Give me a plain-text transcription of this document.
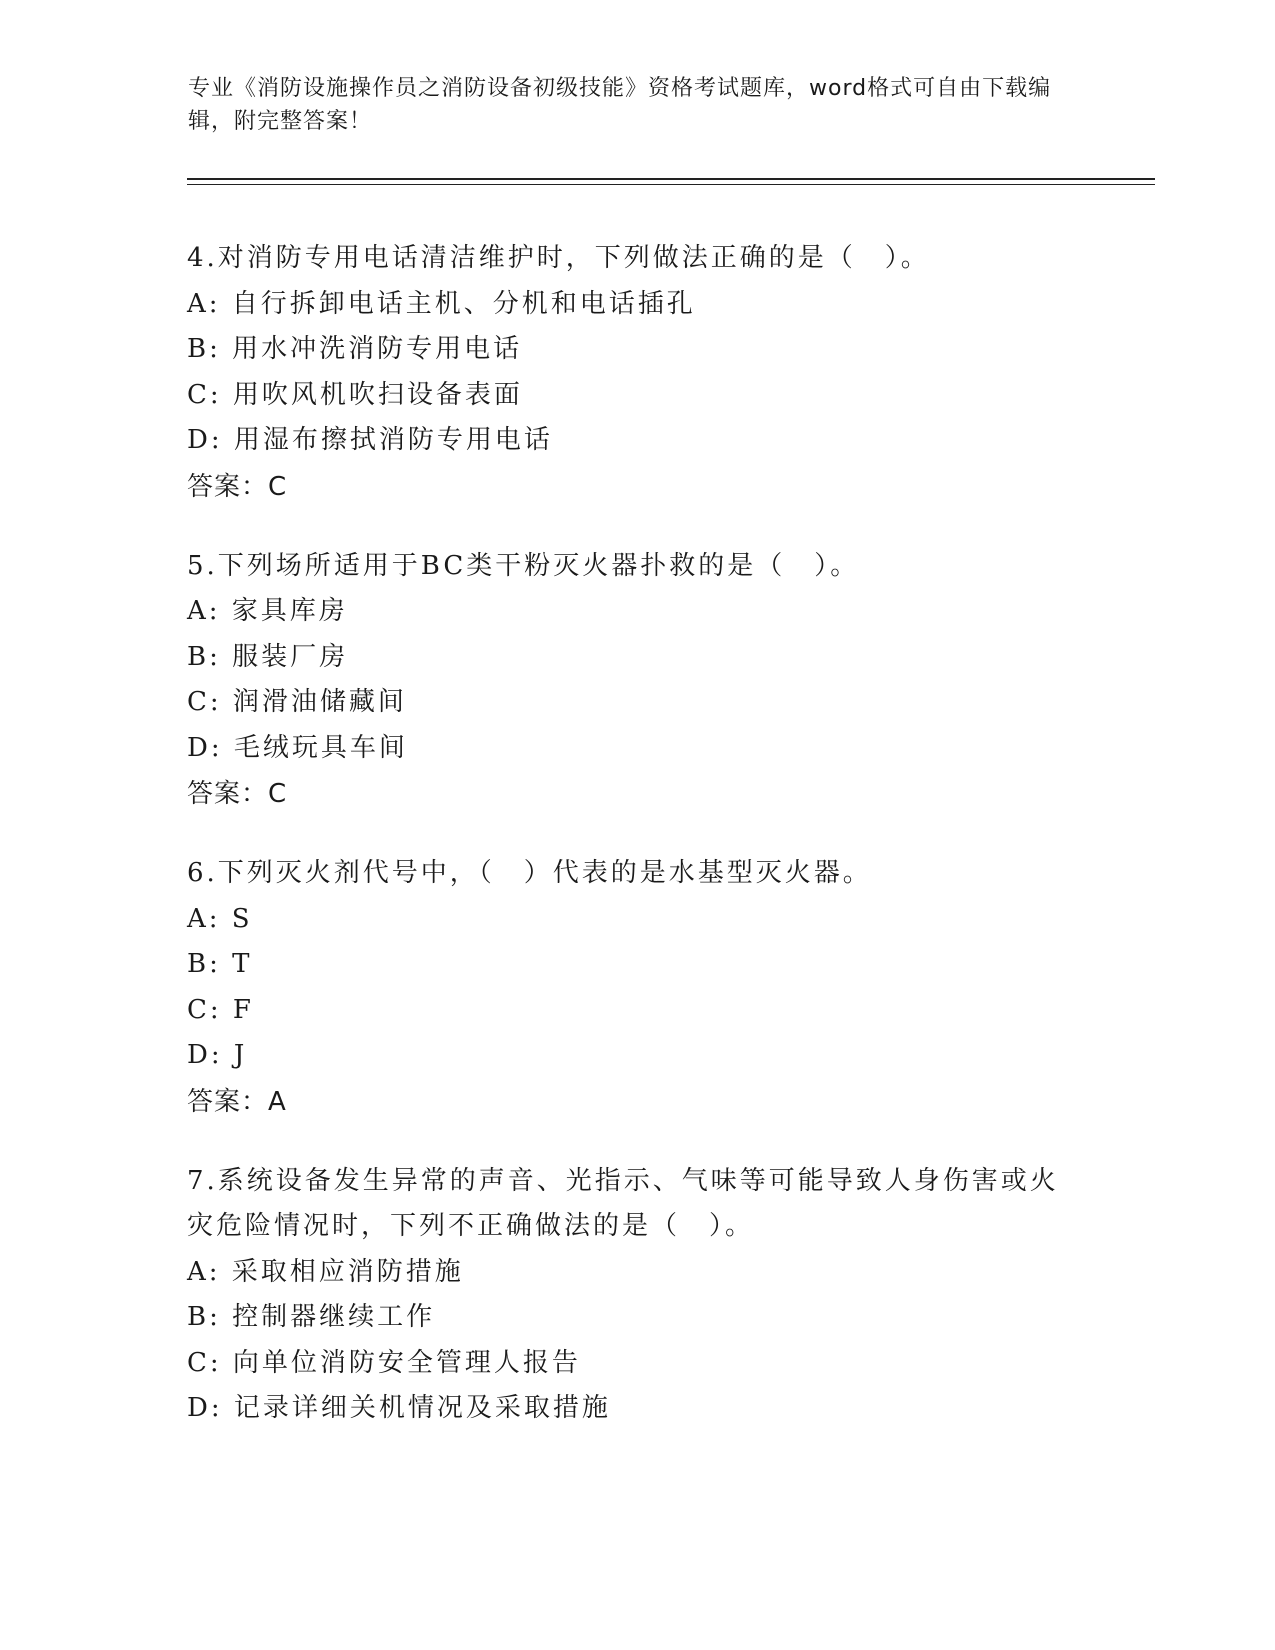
专业《消防设施操作员之消防设备初级技能》资格考试题库，word格式可自由下载编辑，附完整答案！
4.对消防专用电话清洁维护时，下列做法正确的是（　）。
A: 自行拆卸电话主机、分机和电话插孔
B: 用水冲洗消防专用电话
C: 用吹风机吹扫设备表面
D: 用湿布擦拭消防专用电话
答案：C
5.下列场所适用于BC类干粉灭火器扑救的是（　）。
A: 家具库房
B: 服装厂房
C: 润滑油储藏间
D: 毛绒玩具车间
答案：C
6.下列灭火剂代号中，（　）代表的是水基型灭火器。
A: S
B: T
C: F
D: J
答案：A
7.系统设备发生异常的声音、光指示、气味等可能导致人身伤害或火灾危险情况时，下列不正确做法的是（　）。
A: 采取相应消防措施
B: 控制器继续工作
C: 向单位消防安全管理人报告
D: 记录详细关机情况及采取措施
